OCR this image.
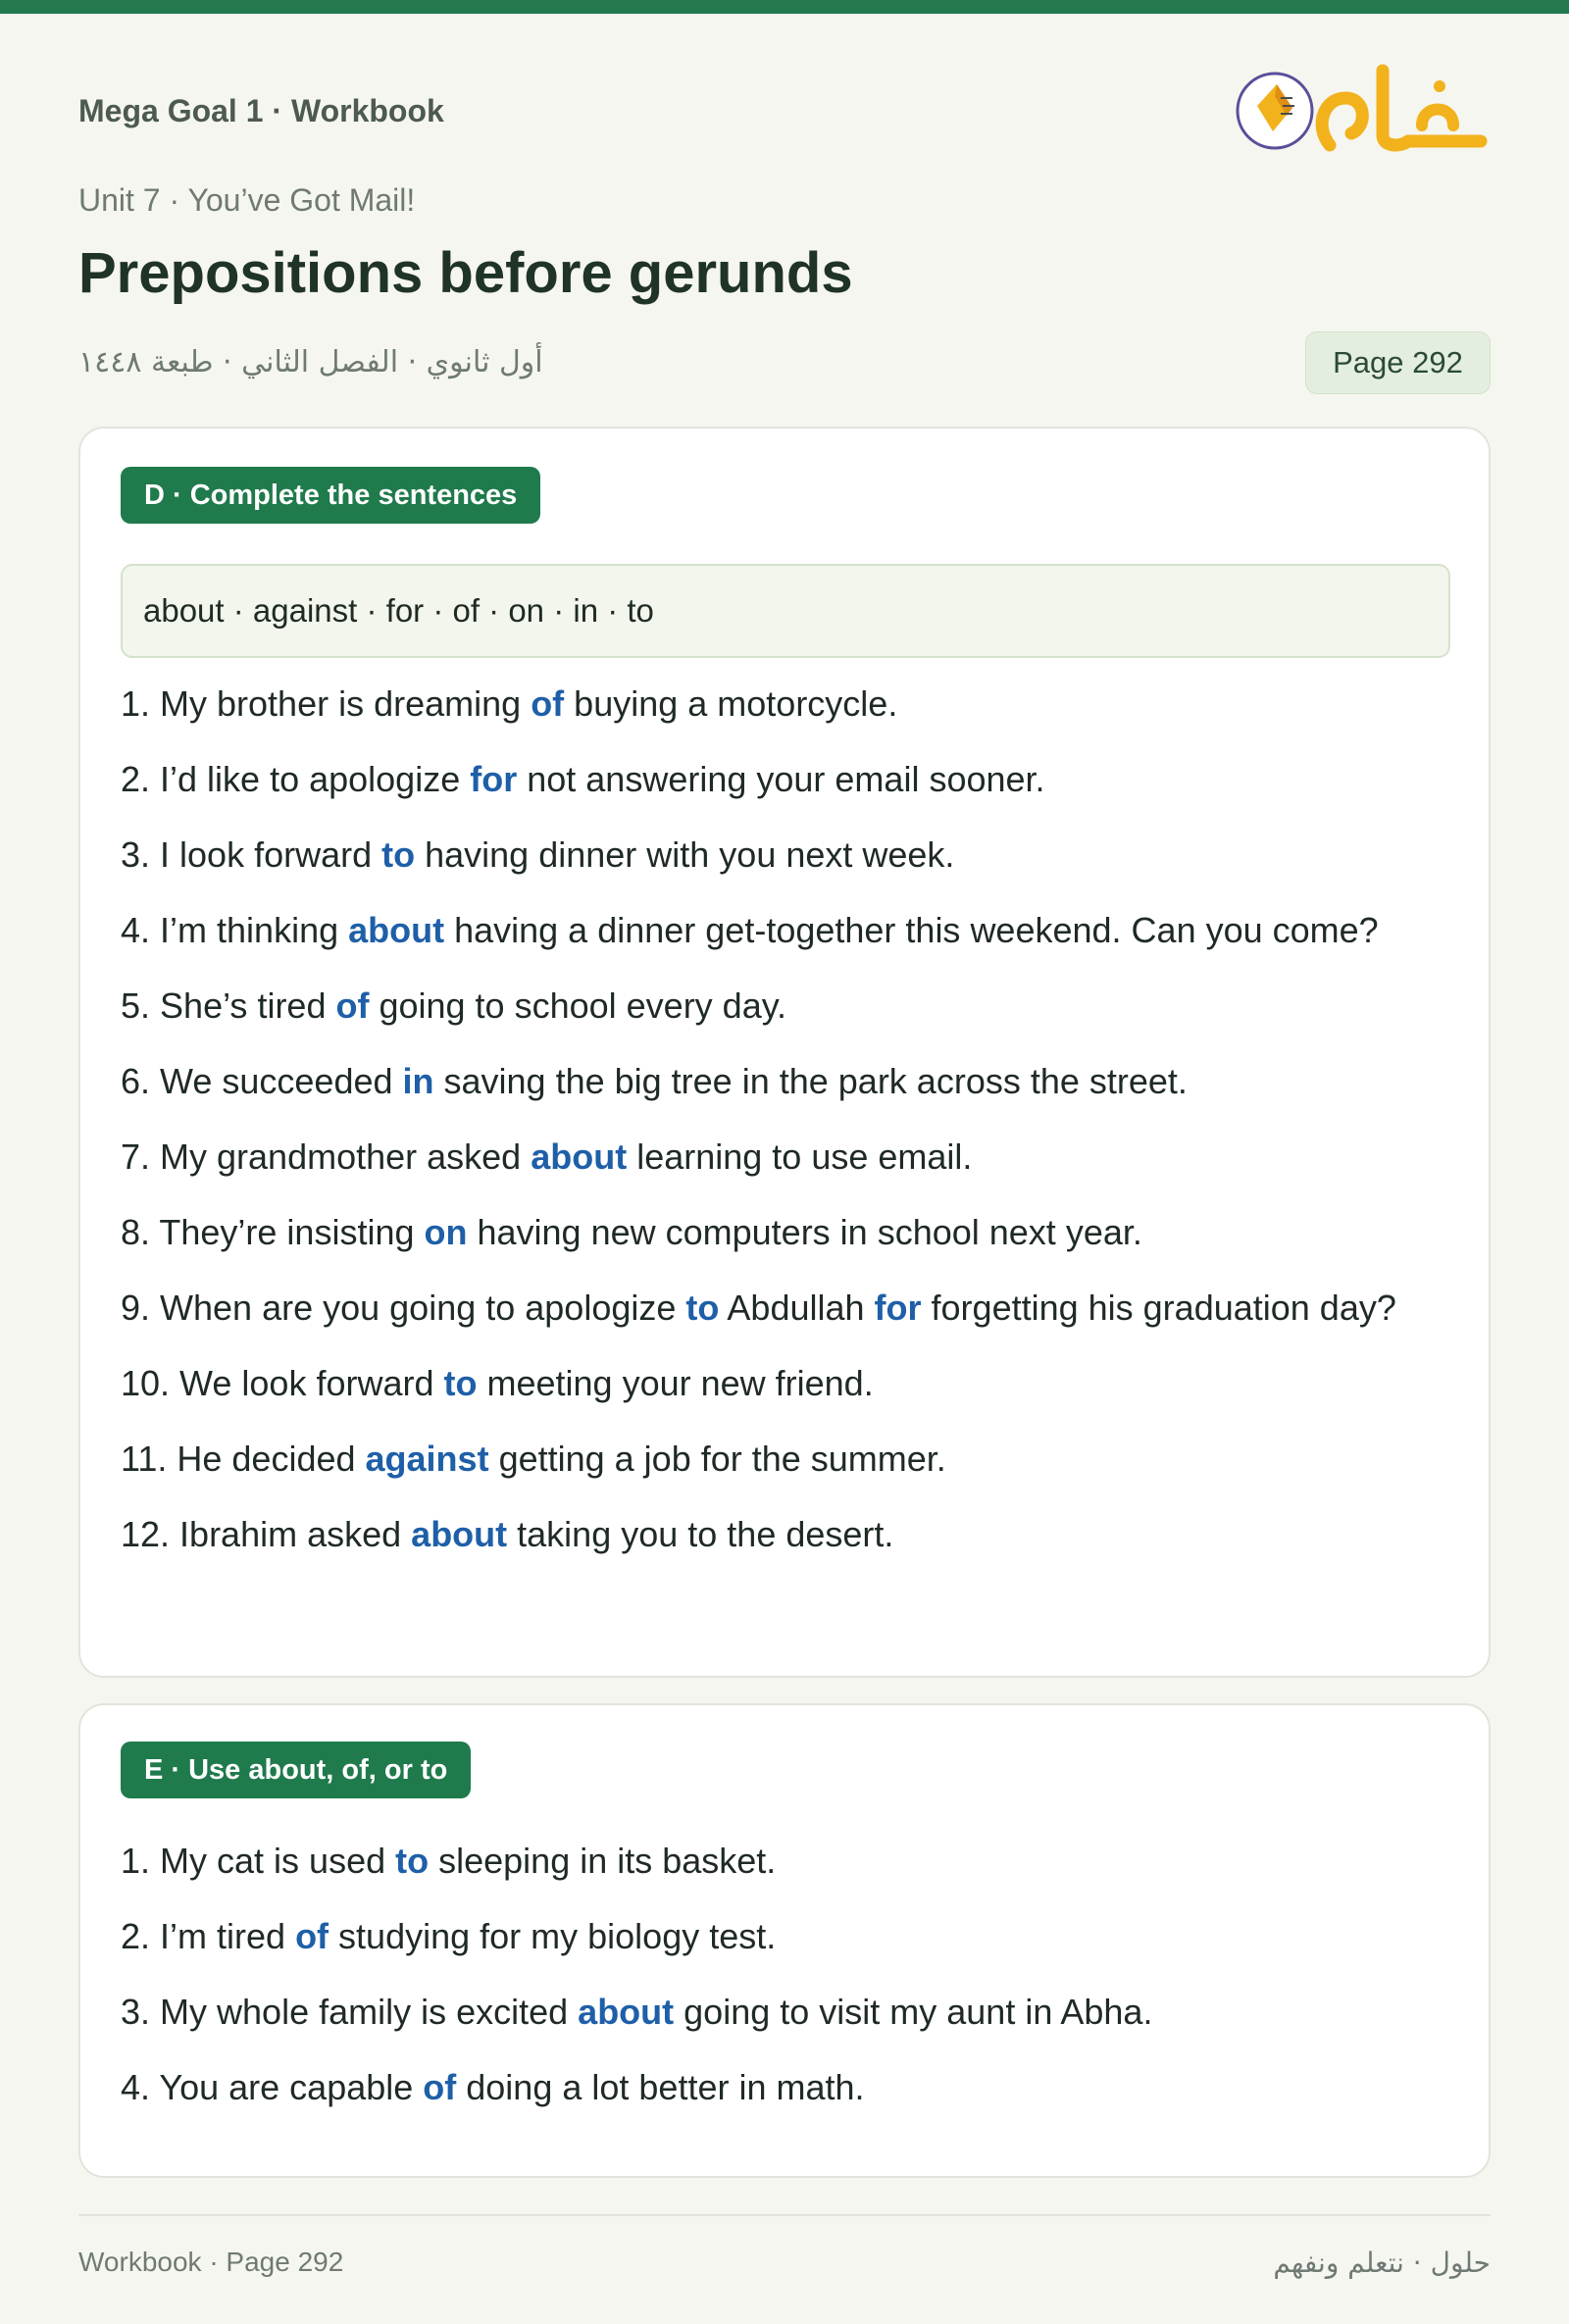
Mega Goal 1 · Workbook
Unit 7 · You’ve Got Mail!
Prepositions before gerunds
أول ثانوي · الفصل الثاني · طبعة ١٤٤٨	Page 292
D · Complete the sentences
about · against · for · of · on · in · to
1. My brother is dreaming of buying a motorcycle.
2. I’d like to apologize for not answering your email sooner.
3. I look forward to having dinner with you next week.
4. I’m thinking about having a dinner get-together this weekend. Can you come?
5. She’s tired of going to school every day.
6. We succeeded in saving the big tree in the park across the street.
7. My grandmother asked about learning to use email.
8. They’re insisting on having new computers in school next year.
9. When are you going to apologize to Abdullah for forgetting his graduation day?
10. We look forward to meeting your new friend.
11. He decided against getting a job for the summer.
12. Ibrahim asked about taking you to the desert.
E · Use about, of, or to
1. My cat is used to sleeping in its basket.
2. I’m tired of studying for my biology test.
3. My whole family is excited about going to visit my aunt in Abha.
4. You are capable of doing a lot better in math.
Workbook · Page 292	حلول · نتعلم ونفهم
